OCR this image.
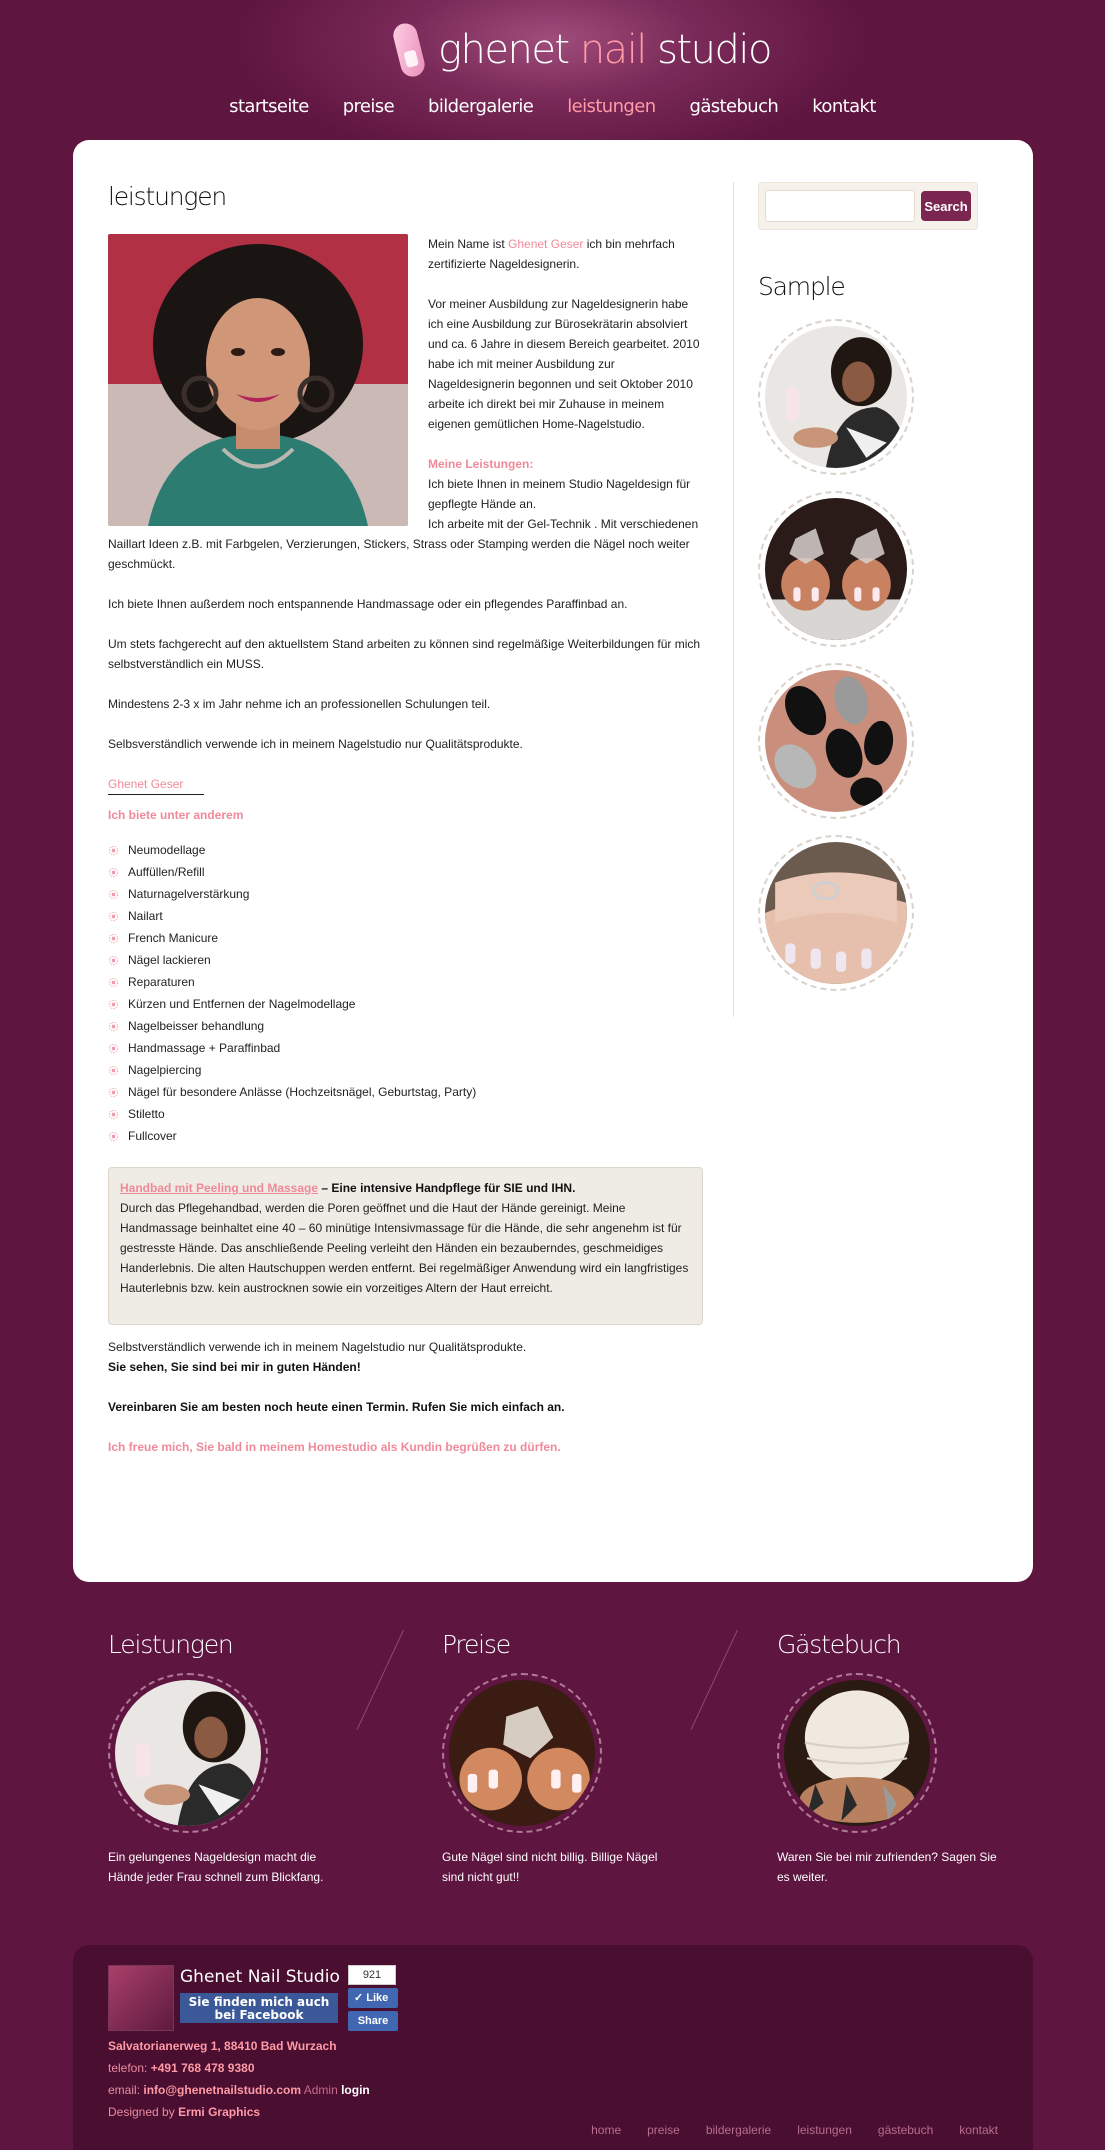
ghenet nail studio
startseite preise bildergalerie leistungen gästebuch kontakt
leistungen

Mein Name ist Ghenet Geser ich bin mehrfach zertifizierte Nageldesignerin.

Vor meiner Ausbildung zur Nageldesignerin habe ich eine Ausbildung zur Bürosekrätarin absolviert und ca. 6 Jahre in diesem Bereich gearbeitet. 2010 habe ich mit meiner Ausbildung zur Nageldesignerin begonnen und seit Oktober 2010 arbeite ich direkt bei mir Zuhause in meinem eigenen gemütlichen Home-Nagelstudio.

Meine Leistungen:

Ich biete Ihnen in meinem Studio Nageldesign für gepflegte Hände an.

Ich arbeite mit der Gel-Technik . Mit verschiedenen Naillart Ideen z.B. mit Farbgelen, Verzierungen, Stickers, Strass oder Stamping werden die Nägel noch weiter geschmückt.

Ich biete Ihnen außerdem noch entspannende Handmassage oder ein pflegendes Paraffinbad an.

Um stets fachgerecht auf den aktuellstem Stand arbeiten zu können sind regelmäßige Weiterbildungen für mich selbstverständlich ein MUSS.

Mindestens 2-3 x im Jahr nehme ich an professionellen Schulungen teil.

Selbsverständlich verwende ich in meinem Nagelstudio nur Qualitätsprodukte.

Ghenet Geser

Ich biete unter anderem

Neumodellage
Auffüllen/Refill
Naturnagelverstärkung
Nailart
French Manicure
Nägel lackieren
Reparaturen
Kürzen und Entfernen der Nagelmodellage
Nagelbeisser behandlung
Handmassage + Paraffinbad
Nagelpiercing
Nägel für besondere Anlässe (Hochzeitsnägel, Geburtstag, Party)
Stiletto
Fullcover

Handbad mit Peeling und Massage – Eine intensive Handpflege für SIE und IHN.

Durch das Pflegehandbad, werden die Poren geöffnet und die Haut der Hände gereinigt. Meine Handmassage beinhaltet eine 40 – 60 minütige Intensivmassage für die Hände, die sehr angenehm ist für gestresste Hände. Das anschließende Peeling verleiht den Händen ein bezauberndes, geschmeidiges Handerlebnis. Die alten Hautschuppen werden entfernt. Bei regelmäßiger Anwendung wird ein langfristiges Hauterlebnis bzw. kein austrocknen sowie ein vorzeitiges Altern der Haut erreicht.

Selbstverständlich verwende ich in meinem Nagelstudio nur Qualitätsprodukte.

Sie sehen, Sie sind bei mir in guten Händen!

Vereinbaren Sie am besten noch heute einen Termin. Rufen Sie mich einfach an.

Ich freue mich, Sie bald in meinem Homestudio als Kundin begrüßen zu dürfen.

Search
Sample
Leistungen

Ein gelungenes Nageldesign macht die Hände jeder Frau schnell zum Blickfang.

Preise

Gute Nägel sind nicht billig. Billige Nägel sind nicht gut!!

Gästebuch

Waren Sie bei mir zufrienden? Sagen Sie es weiter.

Ghenet Nail Studio
Sie finden mich auch
bei Facebook
921
✓ Like
Share
Salvatorianerweg 1, 88410 Bad Wurzach
telefon: +491 768 478 9380
email: info@ghenetnailstudio.com Admin login
Designed by Ermi Graphics
home preise bildergalerie leistungen gästebuch kontakt
